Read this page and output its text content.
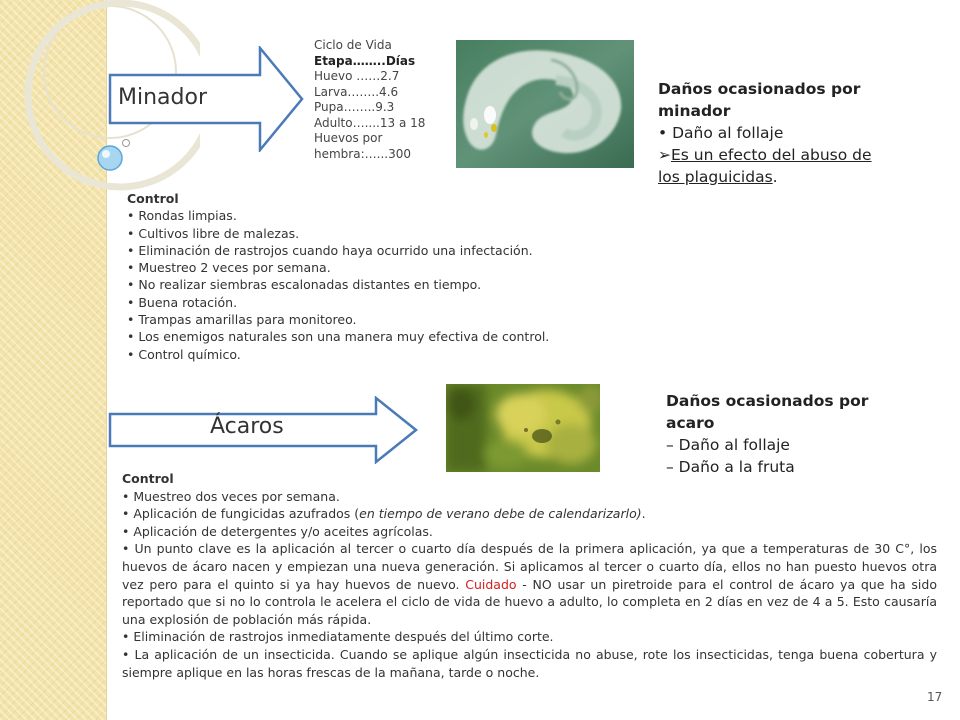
Minador
Ciclo de Vida
Etapa……..Días
Huevo ……2.7
Larva……..4.6
Pupa……..9.3
Adulto…....13 a 18
Huevos por
hembra:…...300
Daños ocasionados por
minador
• Daño al follaje
➢Es un efecto del abuso de
los plaguicidas.
Control
• Rondas limpias.
• Cultivos libre de malezas.
• Eliminación de rastrojos cuando haya ocurrido una infectación.
• Muestreo 2 veces por semana.
• No realizar siembras escalonadas distantes en tiempo.
• Buena rotación.
• Trampas amarillas para monitoreo.
• Los enemigos naturales son una manera muy efectiva de control.
• Control químico.
Ácaros
Daños ocasionados por
acaro
– Daño al follaje
– Daño a la fruta

Control

• Muestreo dos veces por semana.

• Aplicación de fungicidas azufrados (en tiempo de verano debe de calendarizarlo).

• Aplicación de detergentes y/o aceites agrícolas.

• Un punto clave es la aplicación al tercer o cuarto día después de la primera aplicación, ya que a temperaturas de 30 C°, los huevos de ácaro nacen y empiezan una nueva generación. Si aplicamos al tercer o cuarto día, ellos no han puesto huevos otra vez pero para el quinto si ya hay huevos de nuevo. Cuidado - NO usar un piretroide para el control de ácaro ya que ha sido reportado que si no lo controla le acelera el ciclo de vida de huevo a adulto, lo completa en 2 días en vez de 4 a 5. Esto causaría una explosión de población más rápida.

• Eliminación de rastrojos inmediatamente después del último corte.

• La aplicación de un insecticida. Cuando se aplique algún insecticida no abuse, rote los insecticidas, tenga buena cobertura y siempre aplique en las horas frescas de la mañana, tarde o noche.

17
